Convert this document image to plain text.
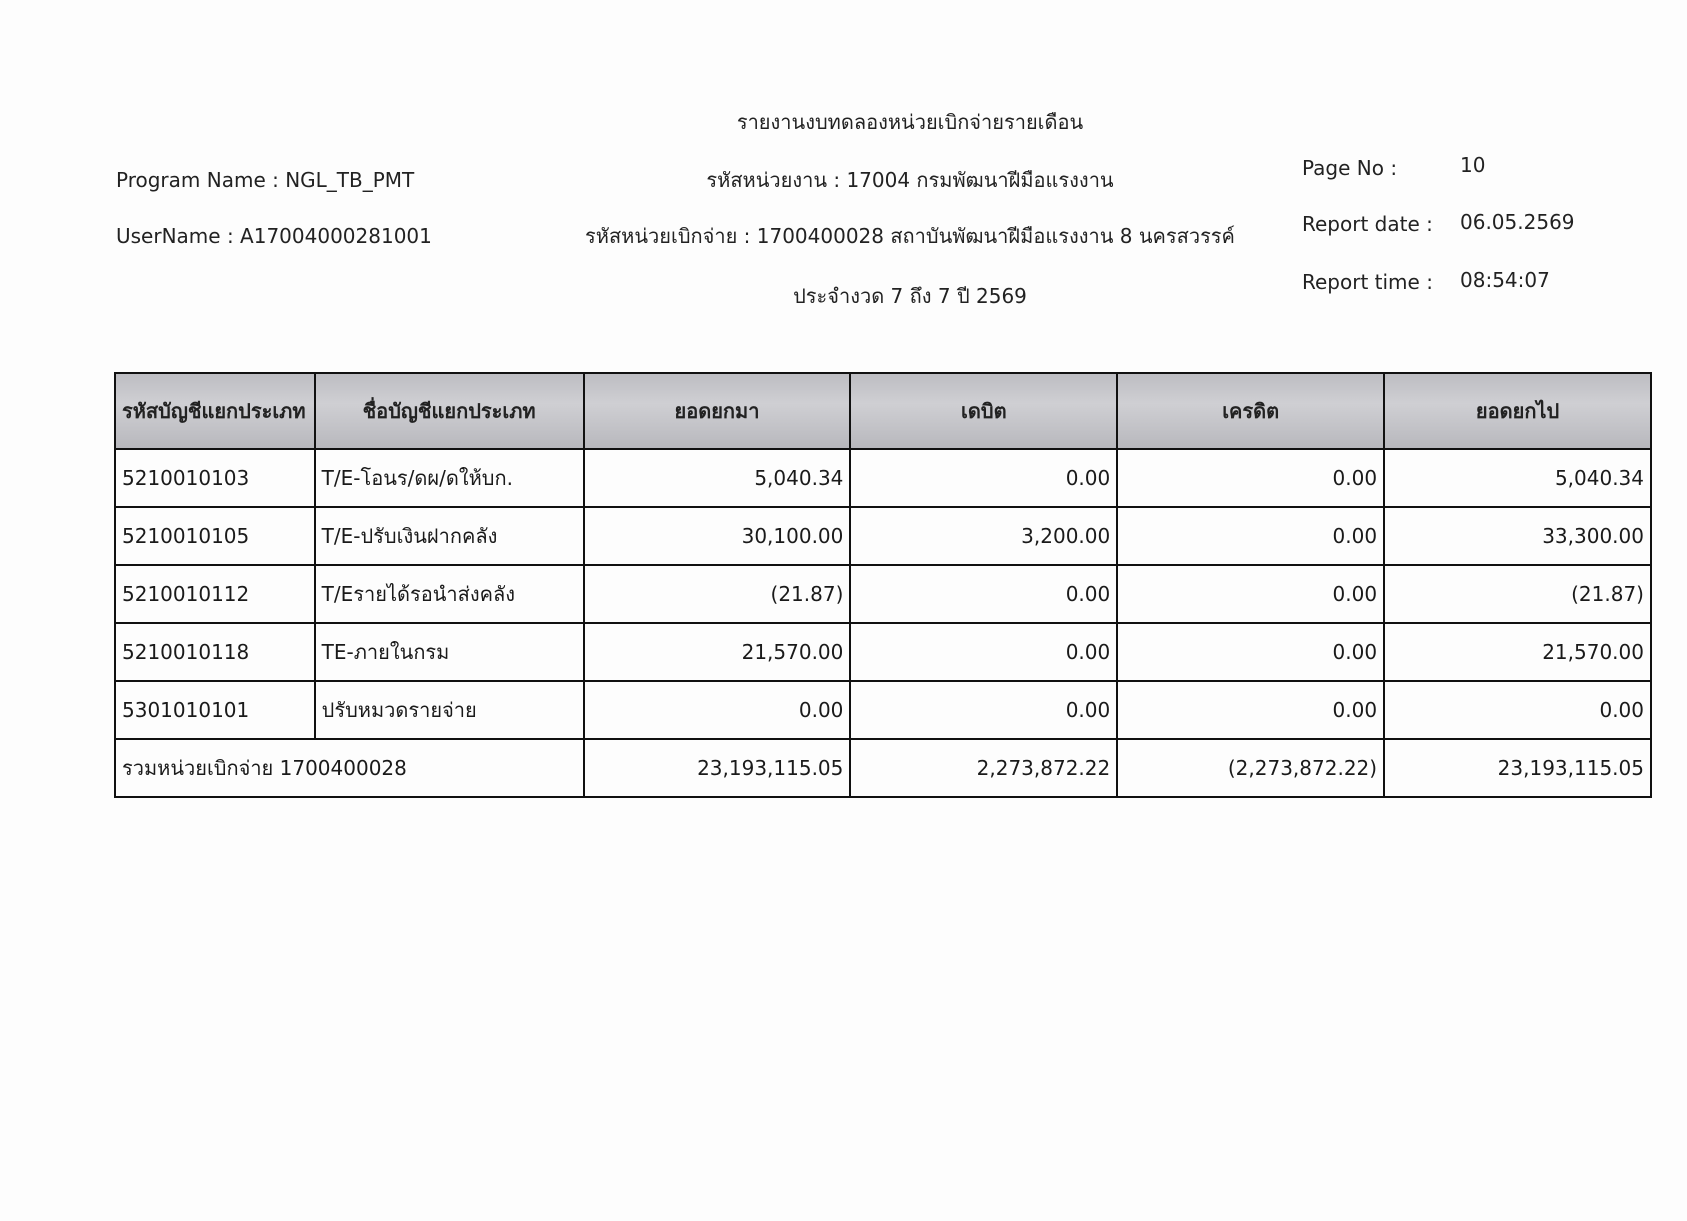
รายงานงบทดลองหน่วยเบิกจ่ายรายเดือน
Program Name : NGL_TB_PMT	รหัสหน่วยงาน : 17004 กรมพัฒนาฝีมือแรงงาน	Page No :	10
UserName : A17004000281001	รหัสหน่วยเบิกจ่าย : 1700400028 สถาบันพัฒนาฝีมือแรงงาน 8 นครสวรรค์	Report date : 06.05.2569
ประจำงวด 7 ถึง 7 ปี 2569
Report time : 08:54:07
รหัสบัญชีแยกประเภท	ชื่อบัญชีแยกประเภท	ยอดยกมา	เดบิต	เครดิต	ยอดยกไป
5210010103	T/E-โอนร/ดผ/ดให้บก.	5,040.34	0.00	0.00	5,040.34
5210010105	T/E-ปรับเงินฝากคลัง	30,100.00	3,200.00	0.00	33,300.00
5210010112	T/Eรายได้รอนำส่งคลัง	(21.87)	0.00	0.00	(21.87)
5210010118	TE-ภายในกรม	21,570.00	0.00	0.00	21,570.00
5301010101	ปรับหมวดรายจ่าย	0.00	0.00	0.00	0.00
รวมหน่วยเบิกจ่าย 1700400028		23,193,115.05	2,273,872.22	(2,273,872.22)	23,193,115.05
